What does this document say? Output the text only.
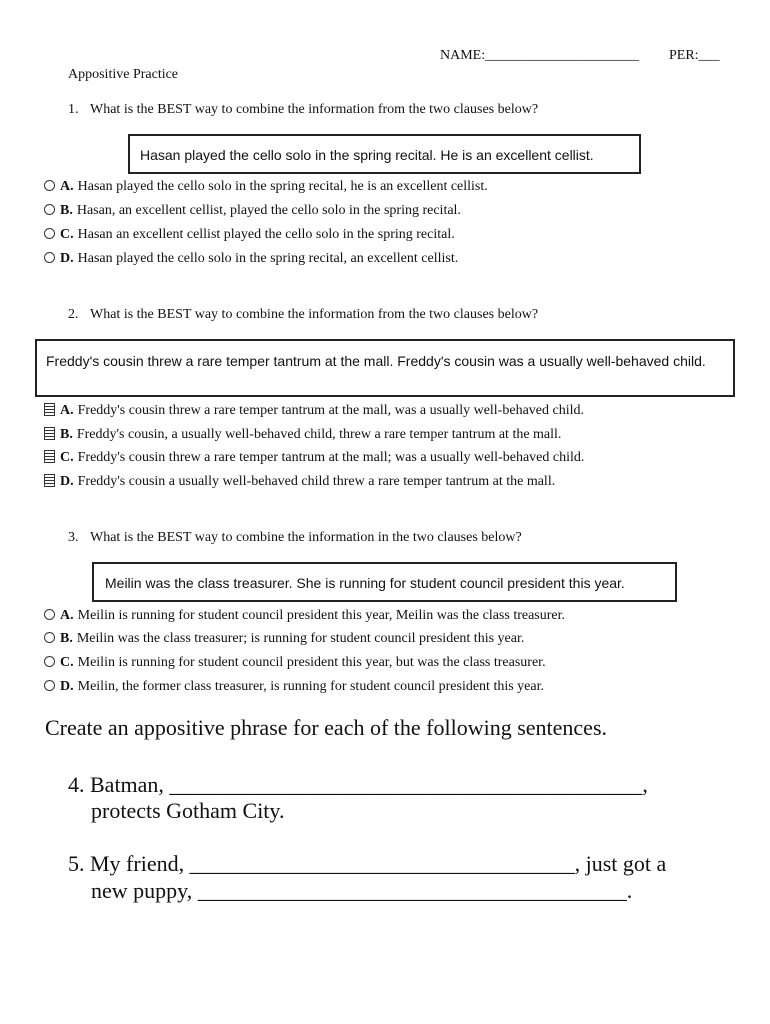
NAME:______________________ PER:___
Appositive Practice
1. What is the BEST way to combine the information from the two clauses below?
Hasan played the cello solo in the spring recital. He is an excellent cellist.
A. Hasan played the cello solo in the spring recital, he is an excellent cellist.
B. Hasan, an excellent cellist, played the cello solo in the spring recital.
C. Hasan an excellent cellist played the cello solo in the spring recital.
D. Hasan played the cello solo in the spring recital, an excellent cellist.
2. What is the BEST way to combine the information from the two clauses below?
Freddy's cousin threw a rare temper tantrum at the mall. Freddy's cousin was a usually well-behaved child.
A. Freddy's cousin threw a rare temper tantrum at the mall, was a usually well-behaved child.
B. Freddy's cousin, a usually well-behaved child, threw a rare temper tantrum at the mall.
C. Freddy's cousin threw a rare temper tantrum at the mall; was a usually well-behaved child.
D. Freddy's cousin a usually well-behaved child threw a rare temper tantrum at the mall.
3. What is the BEST way to combine the information in the two clauses below?
Meilin was the class treasurer. She is running for student council president this year.
A. Meilin is running for student council president this year, Meilin was the class treasurer.
B. Meilin was the class treasurer; is running for student council president this year.
C. Meilin is running for student council president this year, but was the class treasurer.
D. Meilin, the former class treasurer, is running for student council president this year.
Create an appositive phrase for each of the following sentences.
4. Batman, ___________________________________________,
protects Gotham City.
5. My friend, ___________________________________, just got a
new puppy, _______________________________________.
